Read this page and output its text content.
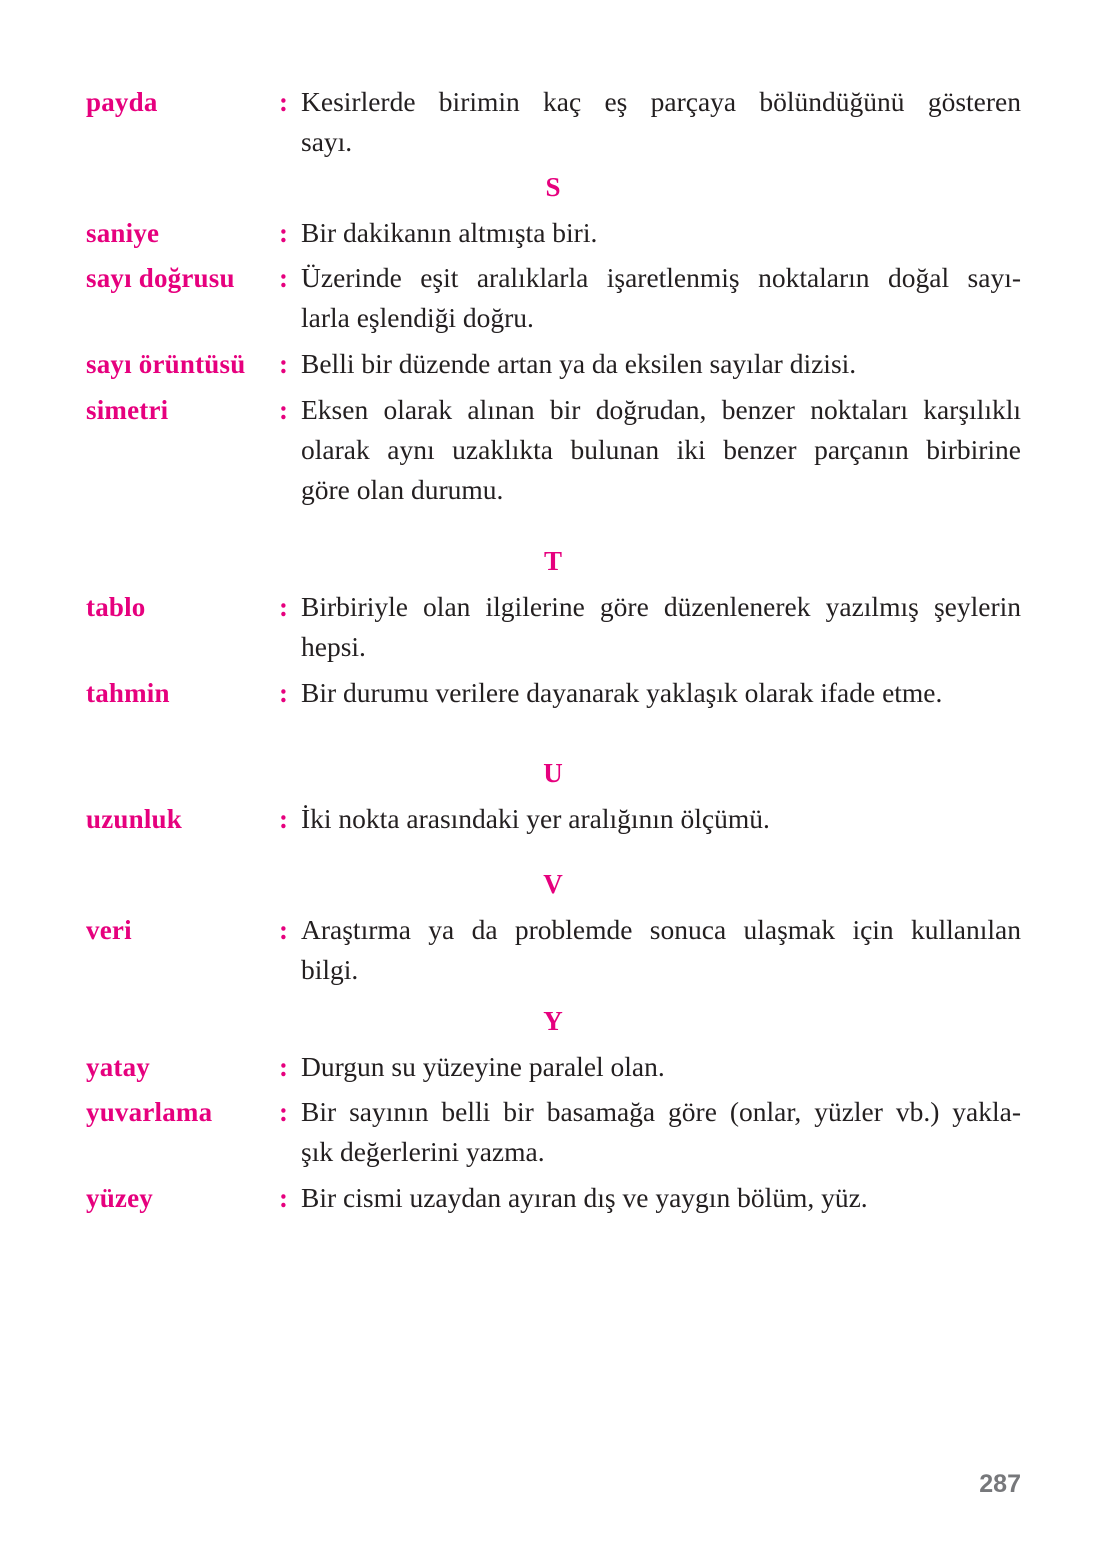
payda	: Kesirlerde birimin kaç eş parçaya bölündüğünü gösteren
sayı.
S
saniye	: Bir dakikanın altmışta biri.
sayı doğrusu : Üzerinde eşit aralıklarla işaretlenmiş noktaların doğal sayı-
larla eşlendiği doğru.
sayı örüntüsü : Belli bir düzende artan ya da eksilen sayılar dizisi.
simetri	: Eksen olarak alınan bir doğrudan, benzer noktaları karşılıklı
olarak aynı uzaklıkta bulunan iki benzer parçanın birbirine
göre olan durumu.
T
tablo	: Birbiriyle olan ilgilerine göre düzenlenerek yazılmış şeylerin
hepsi.
tahmin	: Bir durumu verilere dayanarak yaklaşık olarak ifade etme.
U
uzunluk	: İki nokta arasındaki yer aralığının ölçümü.
V
veri	: Araştırma ya da problemde sonuca ulaşmak için kullanılan
bilgi.
Y
yatay	: Durgun su yüzeyine paralel olan.
yuvarlama : Bir sayının belli bir basamağa göre (onlar, yüzler vb.) yakla-
şık değerlerini yazma.
yüzey	: Bir cismi uzaydan ayıran dış ve yaygın bölüm, yüz.
287
